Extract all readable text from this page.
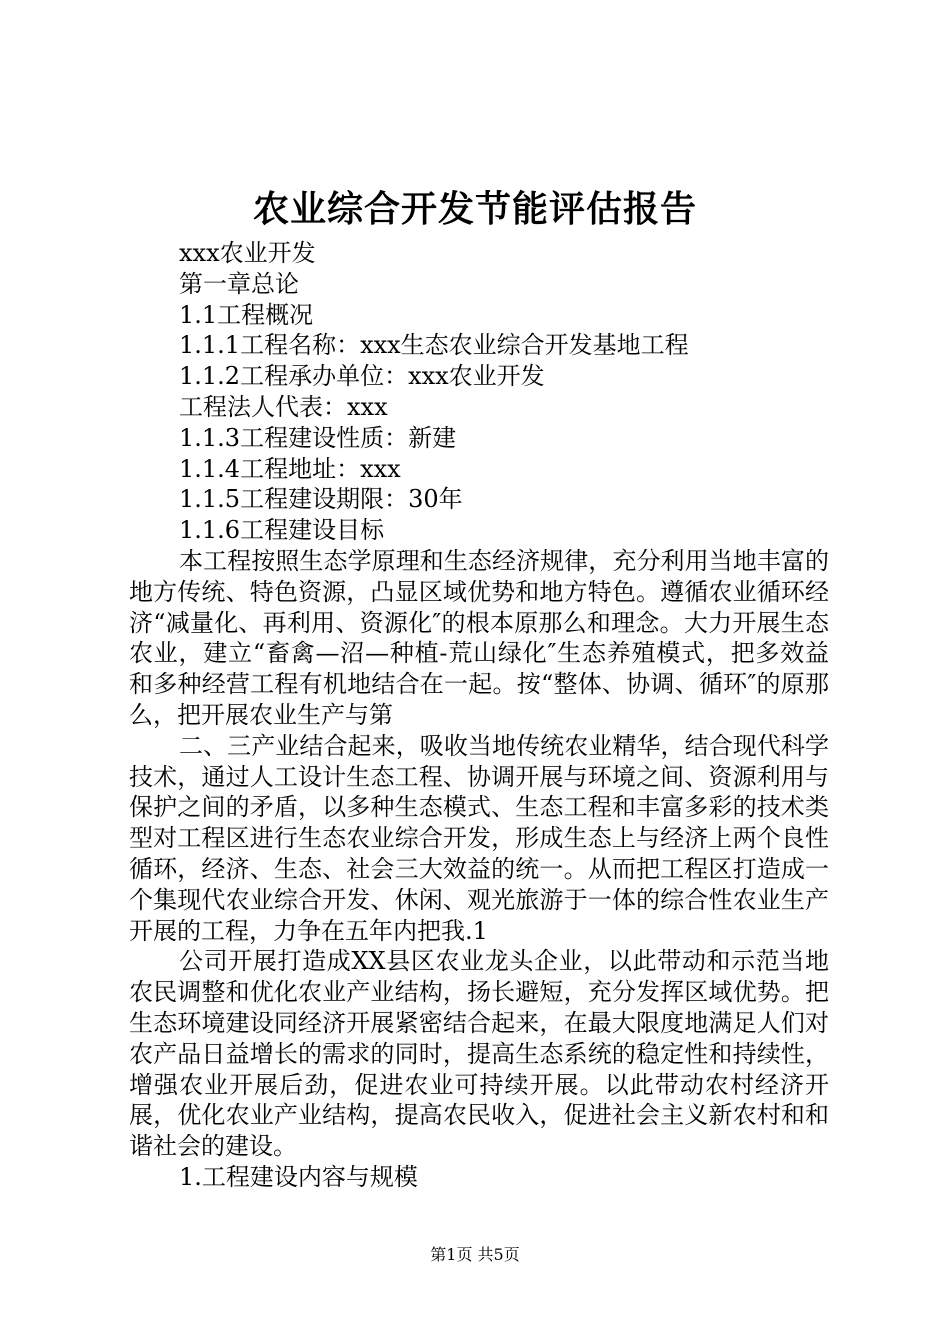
农业综合开发节能评估报告

xxx农业开发

第一章总论

1.1工程概况

1.1.1工程名称：xxx生态农业综合开发基地工程

1.1.2工程承办单位：xxx农业开发

工程法人代表：xxx

1.1.3工程建设性质：新建

1.1.4工程地址：xxx

1.1.5工程建设期限：30年

1.1.6工程建设目标

本工程按照生态学原理和生态经济规律，充分利用当地丰富的地方传统、特色资源，凸显区域优势和地方特色。遵循农业循环经济“减量化、再利用、资源化″的根本原那么和理念。大力开展生态农业，建立“畜禽—沼—种植-荒山绿化″生态养殖模式，把多效益和多种经营工程有机地结合在一起。按“整体、协调、循环″的原那么，把开展农业生产与第

二、三产业结合起来，吸收当地传统农业精华，结合现代科学技术，通过人工设计生态工程、协调开展与环境之间、资源利用与保护之间的矛盾，以多种生态模式、生态工程和丰富多彩的技术类型对工程区进行生态农业综合开发，形成生态上与经济上两个良性循环，经济、生态、社会三大效益的统一。从而把工程区打造成一个集现代农业综合开发、休闲、观光旅游于一体的综合性农业生产开展的工程，力争在五年内把我.1

公司开展打造成XX县区农业龙头企业，以此带动和示范当地农民调整和优化农业产业结构，扬长避短，充分发挥区域优势。把生态环境建设同经济开展紧密结合起来，在最大限度地满足人们对农产品日益增长的需求的同时，提高生态系统的稳定性和持续性，增强农业开展后劲，促进农业可持续开展。以此带动农村经济开展，优化农业产业结构，提高农民收入，促进社会主义新农村和和谐社会的建设。

1.工程建设内容与规模

第1页 共5页
